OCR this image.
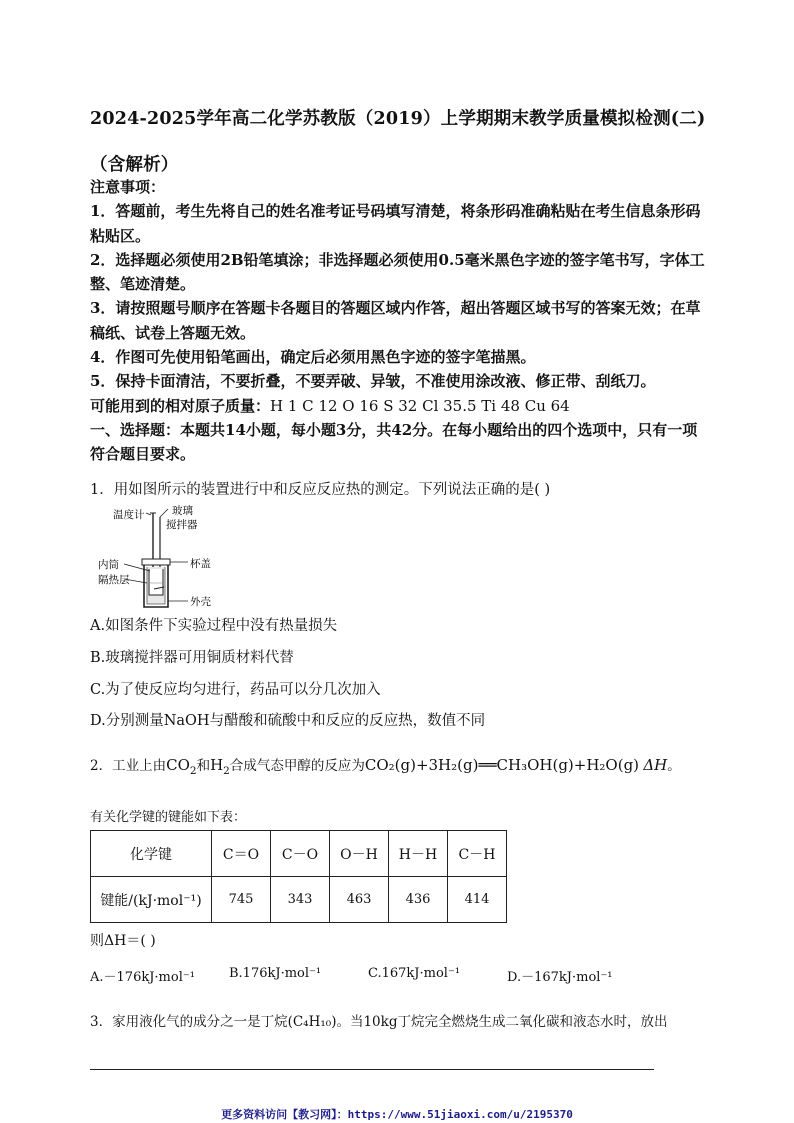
2024-2025学年高二化学苏教版（2019）上学期期末教学质量模拟检测(二)
（含解析）
注意事项：
1．答题前，考生先将自己的姓名准考证号码填写清楚，将条形码准确粘贴在考生信息条形码粘贴区。
2．选择题必须使用2B铅笔填涂；非选择题必须使用0.5毫米黑色字迹的签字笔书写，字体工整、笔迹清楚。
3．请按照题号顺序在答题卡各题目的答题区域内作答，超出答题区域书写的答案无效；在草稿纸、试卷上答题无效。
4．作图可先使用铅笔画出，确定后必须用黑色字迹的签字笔描黑。
5．保持卡面清洁，不要折叠，不要弄破、异皱，不准使用涂改液、修正带、刮纸刀。
可能用到的相对原子质量：H 1 C 12 O 16 S 32 Cl 35.5 Ti 48 Cu 64
一、选择题：本题共14小题，每小题3分，共42分。在每小题给出的四个选项中，只有一项符合题目要求。
1．用如图所示的装置进行中和反应反应热的测定。下列说法正确的是( )
温度计	玻璃
搅拌器
内筒
隔热层
杯盖
外壳
A.如图条件下实验过程中没有热量损失
B.玻璃搅拌器可用铜质材料代替
C.为了使反应均匀进行，药品可以分几次加入
D.分别测量NaOH与醋酸和硫酸中和反应的反应热，数值不同
2．工业上由$CO_2$和$H_2$合成气态甲醇的反应为CO₂(g)+3H₂(g)══CH₃OH(g)+H₂O(g) ΔH。
有关化学键的键能如下表：
化学键	C＝O	C－O	O－H	H－H	C－H
键能/(kJ·mol⁻¹)	745	343	463	436	414
则ΔH＝( )
A.－176kJ·mol⁻¹	B.176kJ·mol⁻¹	C.167kJ·mol⁻¹	D.－167kJ·mol⁻¹
3．家用液化气的成分之一是丁烷(C₄H₁₀)。当10kg丁烷完全燃烧生成二氧化碳和液态水时，放出
更多资料访问【教习网】：https://www.51jiaoxi.com/u/2195370
